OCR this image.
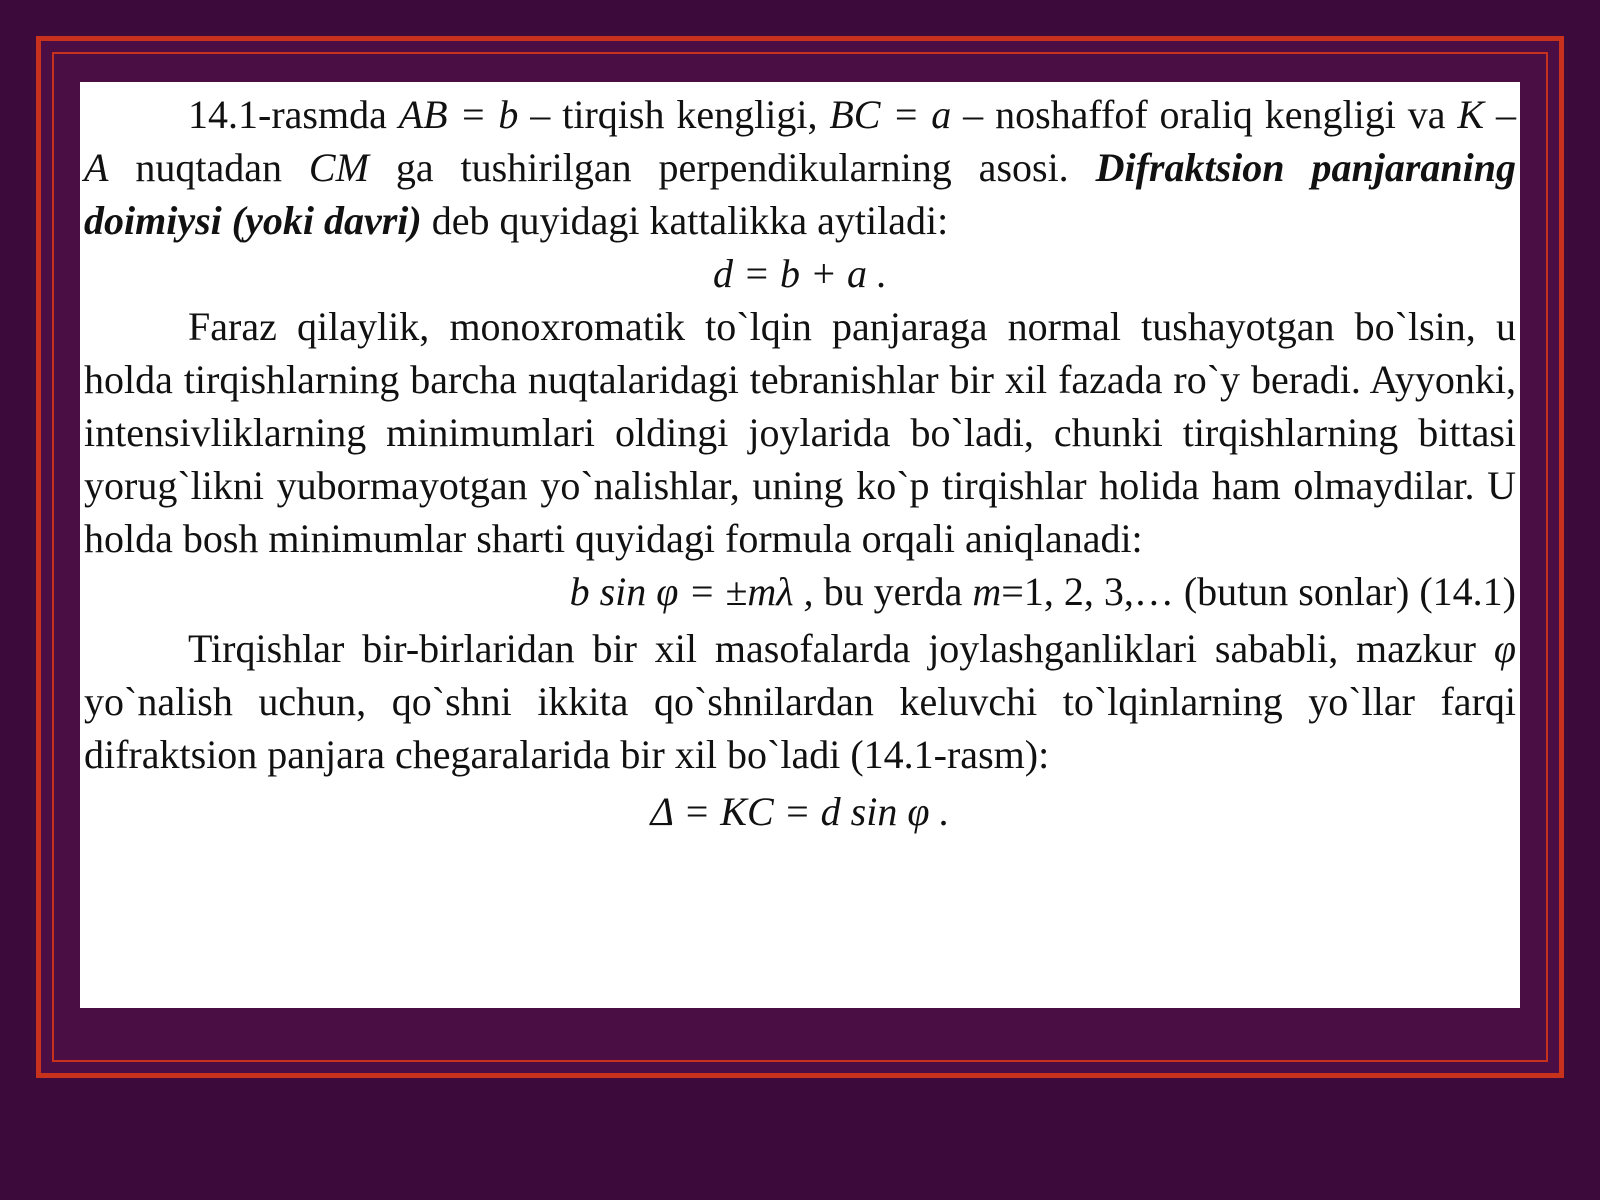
14.1-rasmda AB = b – tirqish kengligi, BC = a – noshaffof oraliq kengligi va K – A nuqtadan CM ga tushirilgan perpendikularning asosi. Difraktsion panjaraning doimiysi (yoki davri) deb quyidagi kattalikka aytiladi:

d = b + a .

Faraz qilaylik, monoxromatik to`lqin panjaraga normal tushayotgan bo`lsin, u holda tirqishlarning barcha nuqtalaridagi tebranishlar bir xil fazada ro`y beradi. Ayyonki, intensivliklarning minimumlari oldingi joylarida bo`ladi, chunki tirqishlarning bittasi yorug`likni yubormayotgan yo`nalishlar, uning ko`p tirqishlar holida ham olmaydilar. U holda bosh minimumlar sharti quyidagi formula orqali aniqlanadi:

b sin φ = ±mλ , bu yerda m=1, 2, 3,… (butun sonlar) (14.1)

Tirqishlar bir-birlaridan bir xil masofalarda joylashganliklari sababli, mazkur φ yo`nalish uchun, qo`shni ikkita qo`shnilardan keluvchi to`lqinlarning yo`llar farqi difraktsion panjara chegaralarida bir xil bo`ladi (14.1-rasm):

Δ = KC = d sin φ .
